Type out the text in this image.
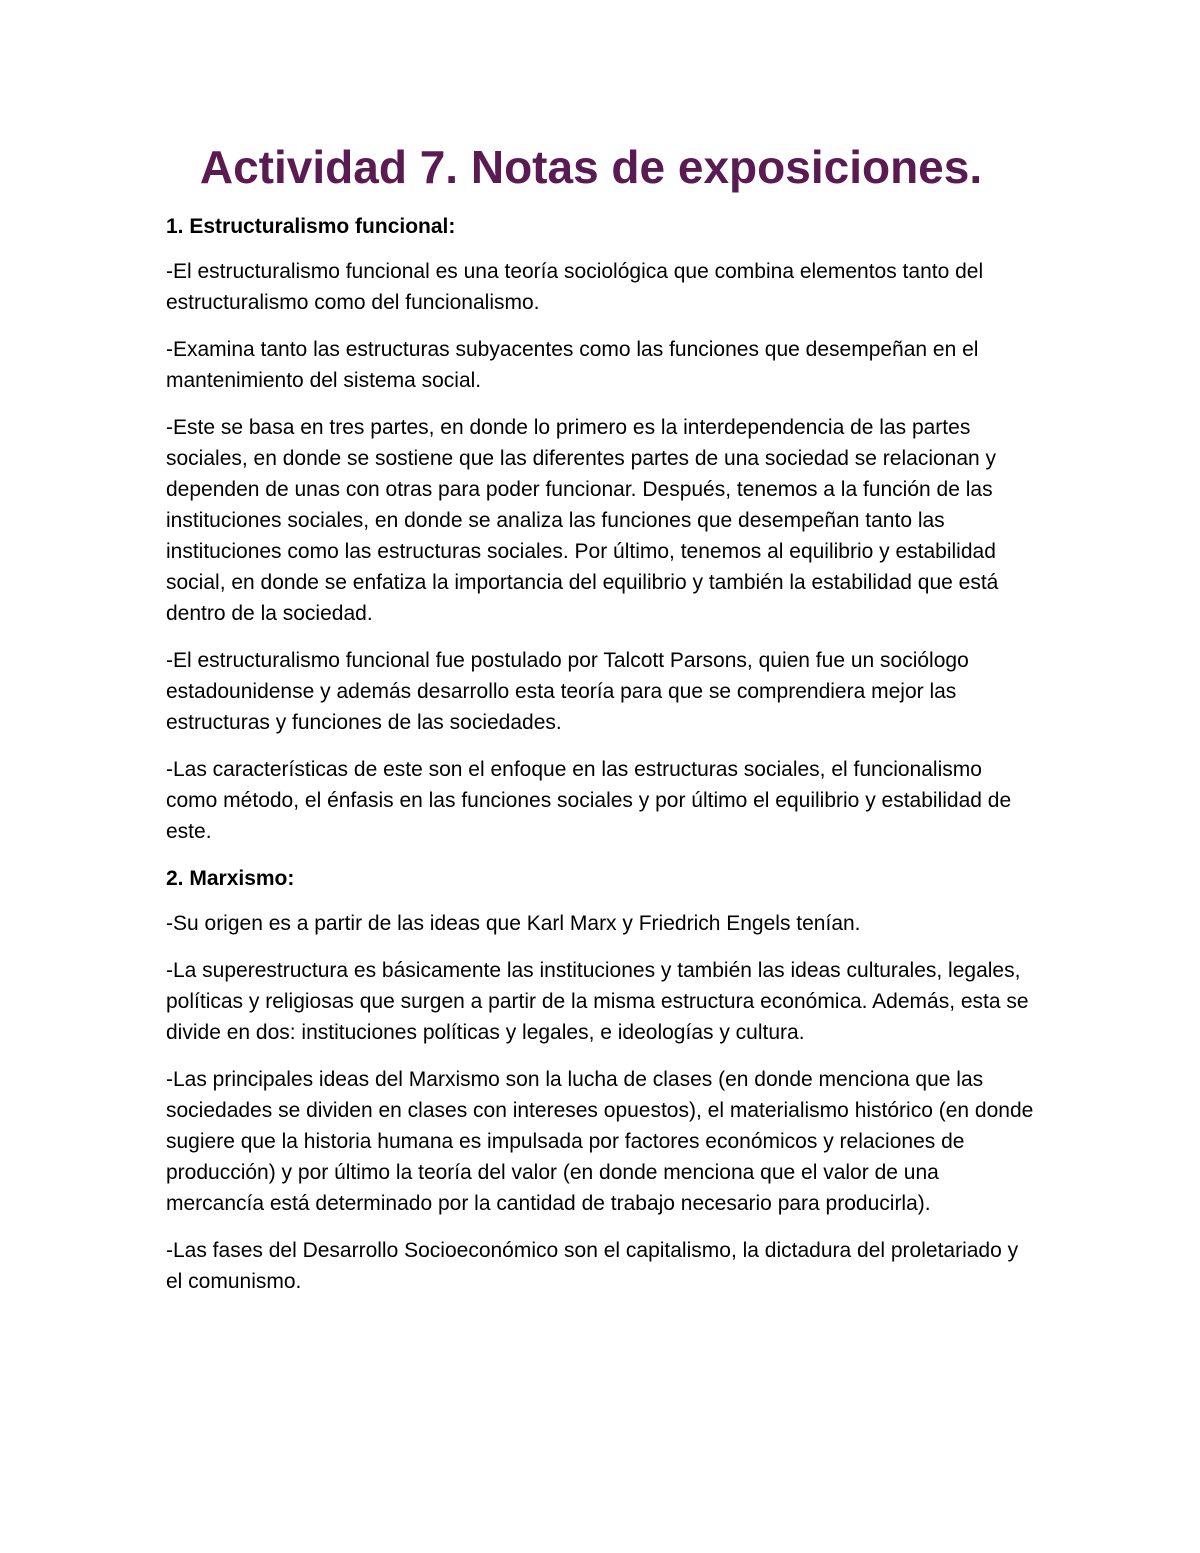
Actividad 7. Notas de exposiciones.
1. Estructuralismo funcional:

-El estructuralismo funcional es una teoría sociológica que combina elementos tanto del estructuralismo como del funcionalismo.

-Examina tanto las estructuras subyacentes como las funciones que desempeñan en el mantenimiento del sistema social.

-Este se basa en tres partes, en donde lo primero es la interdependencia de las partes sociales, en donde se sostiene que las diferentes partes de una sociedad se relacionan y dependen de unas con otras para poder funcionar. Después, tenemos a la función de las instituciones sociales, en donde se analiza las funciones que desempeñan tanto las instituciones como las estructuras sociales. Por último, tenemos al equilibrio y estabilidad social, en donde se enfatiza la importancia del equilibrio y también la estabilidad que está dentro de la sociedad.

-El estructuralismo funcional fue postulado por Talcott Parsons, quien fue un sociólogo estadounidense y además desarrollo esta teoría para que se comprendiera mejor las estructuras y funciones de las sociedades.

-Las características de este son el enfoque en las estructuras sociales, el funcionalismo como método, el énfasis en las funciones sociales y por último el equilibrio y estabilidad de este.

2. Marxismo:

-Su origen es a partir de las ideas que Karl Marx y Friedrich Engels tenían.

-La superestructura es básicamente las instituciones y también las ideas culturales, legales, políticas y religiosas que surgen a partir de la misma estructura económica. Además, esta se divide en dos: instituciones políticas y legales, e ideologías y cultura.

-Las principales ideas del Marxismo son la lucha de clases (en donde menciona que las sociedades se dividen en clases con intereses opuestos), el materialismo histórico (en donde sugiere que la historia humana es impulsada por factores económicos y relaciones de producción) y por último la teoría del valor (en donde menciona que el valor de una mercancía está determinado por la cantidad de trabajo necesario para producirla).

-Las fases del Desarrollo Socioeconómico son el capitalismo, la dictadura del proletariado y el comunismo.
